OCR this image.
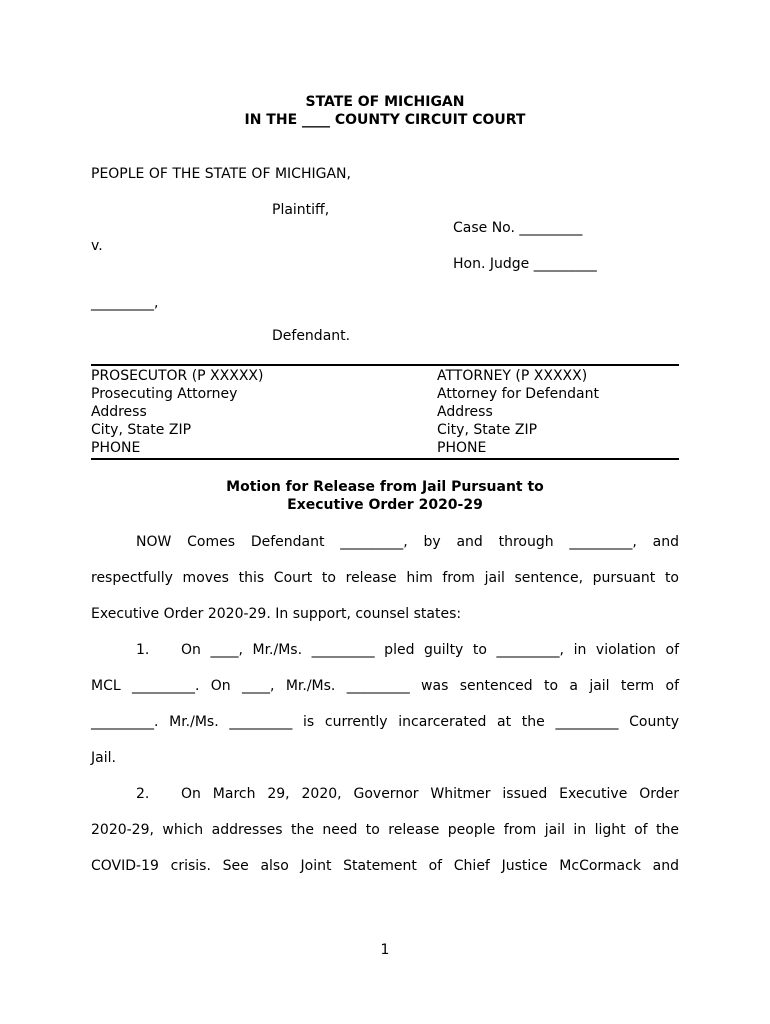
STATE OF MICHIGAN
IN THE ____ COUNTY CIRCUIT COURT
PEOPLE OF THE STATE OF MICHIGAN,
Plaintiff,
Case No. _________
v.
Hon. Judge _________
_________,
Defendant.
PROSECUTOR (P XXXXX)
Prosecuting Attorney
Address
City, State ZIP
PHONE
ATTORNEY (P XXXXX)
Attorney for Defendant
Address
City, State ZIP
PHONE
Motion for Release from Jail Pursuant to
Executive Order 2020-29
NOW Comes Defendant _________, by and through _________, and
respectfully moves this Court to release him from jail sentence, pursuant to
Executive Order 2020-29. In support, counsel states:
1. On ____, Mr./Ms. _________ pled guilty to _________, in violation of
MCL _________. On ____, Mr./Ms. _________ was sentenced to a jail term of
_________. Mr./Ms. _________ is currently incarcerated at the _________ County
Jail.
2. On March 29, 2020, Governor Whitmer issued Executive Order
2020-29, which addresses the need to release people from jail in light of the
COVID-19 crisis. See also Joint Statement of Chief Justice McCormack and
1
